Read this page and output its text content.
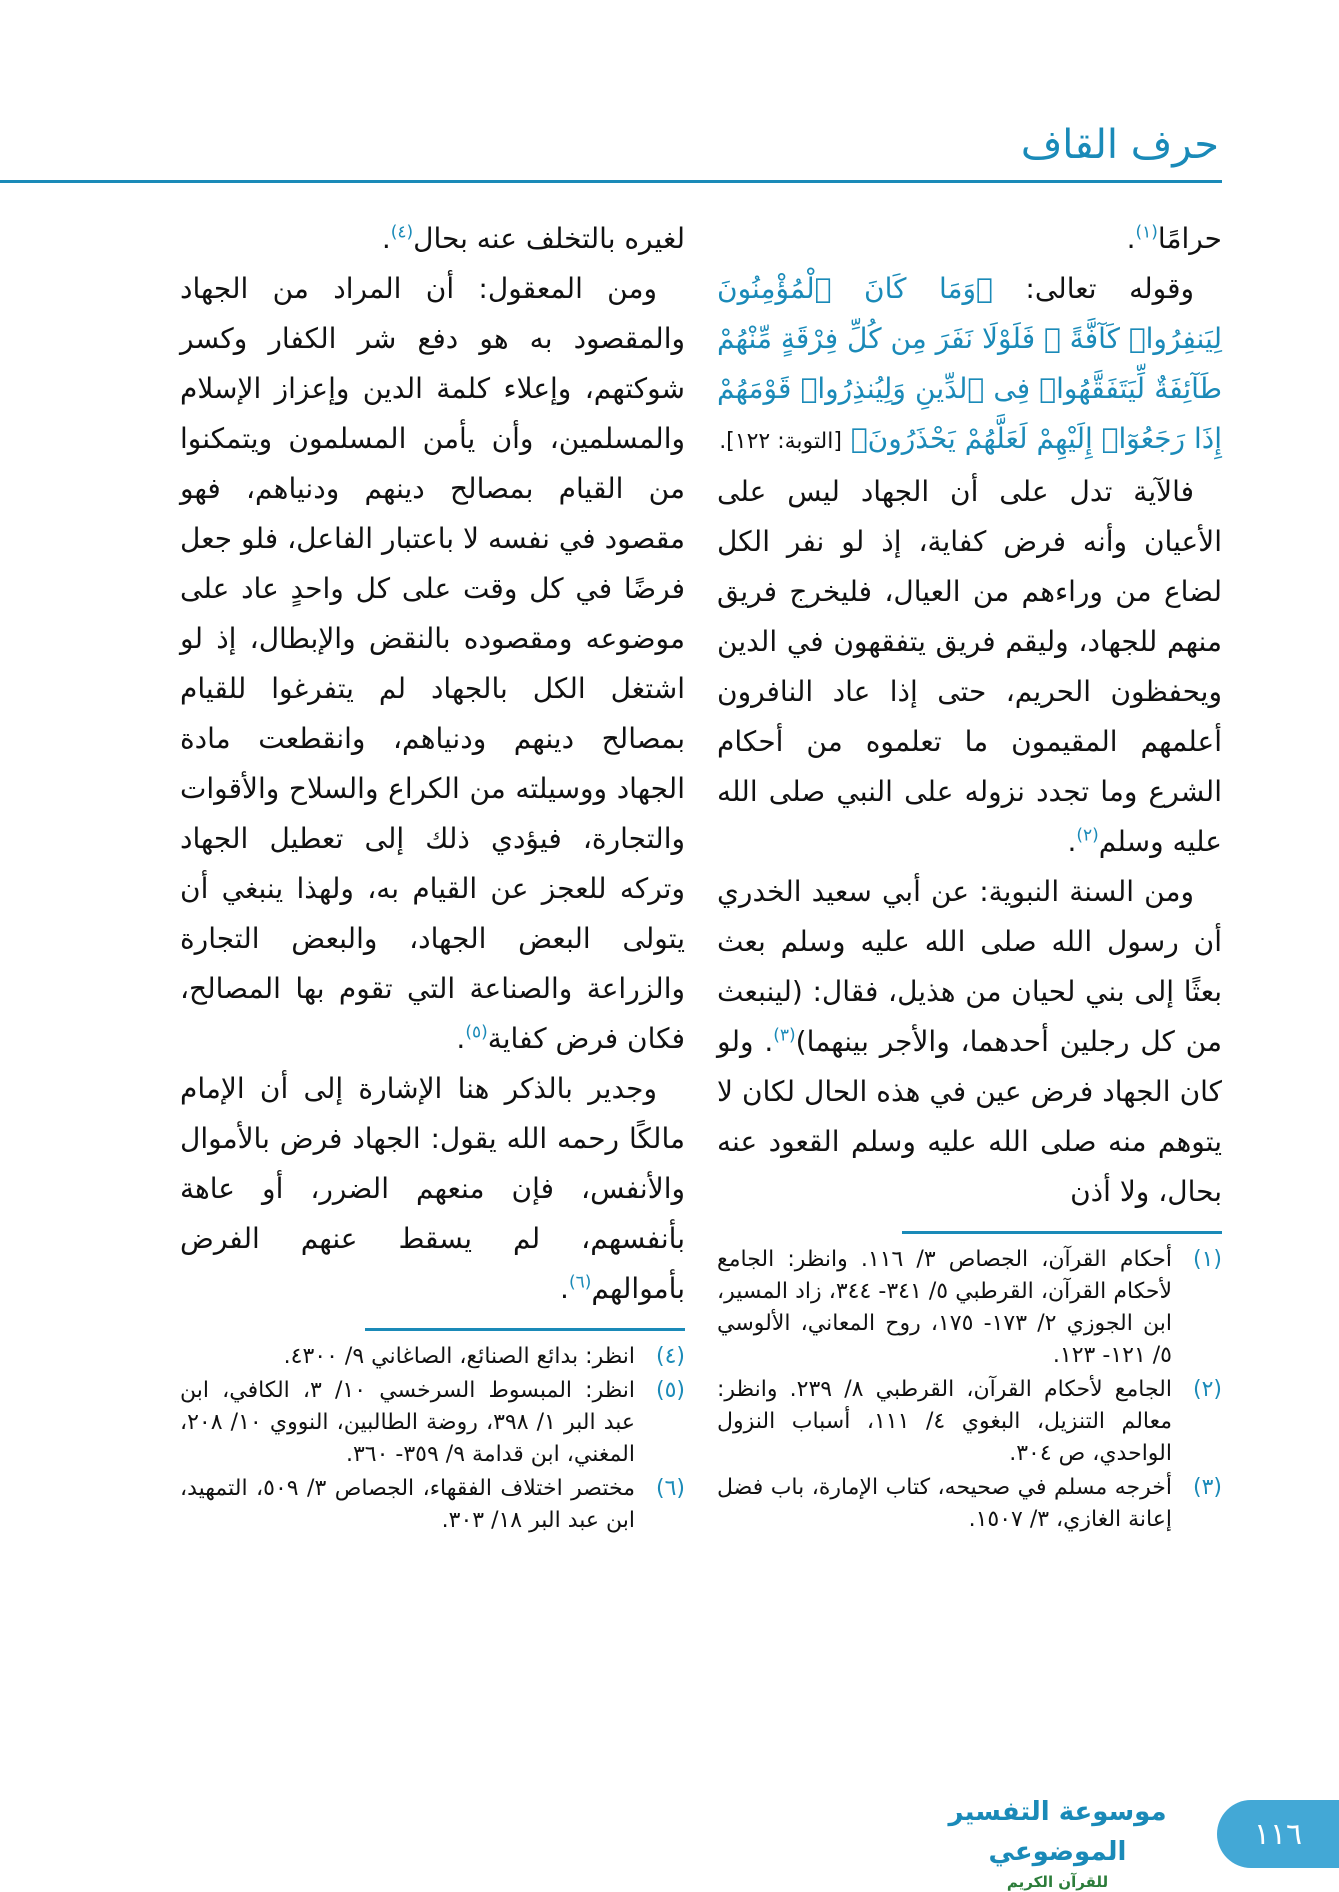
حرف القاف

حرامًا$^{(١)}$.

وقوله تعالى: ﴿وَمَا كَانَ ٱلْمُؤْمِنُونَ لِيَنفِرُوا۟ كَآفَّةً ۚ فَلَوْلَا نَفَرَ مِن كُلِّ فِرْقَةٍ مِّنْهُمْ طَآئِفَةٌ لِّيَتَفَقَّهُوا۟ فِى ٱلدِّينِ وَلِيُنذِرُوا۟ قَوْمَهُمْ إِذَا رَجَعُوٓا۟ إِلَيْهِمْ لَعَلَّهُمْ يَحْذَرُونَ﴾ [التوبة: ١٢٢].

فالآية تدل على أن الجهاد ليس على الأعيان وأنه فرض كفاية، إذ لو نفر الكل لضاع من وراءهم من العيال، فليخرج فريق منهم للجهاد، وليقم فريق يتفقهون في الدين ويحفظون الحريم، حتى إذا عاد النافرون أعلمهم المقيمون ما تعلموه من أحكام الشرع وما تجدد نزوله على النبي صلى الله عليه وسلم$^{(٢)}$.

ومن السنة النبوية: عن أبي سعيد الخدري أن رسول الله صلى الله عليه وسلم بعث بعثًا إلى بني لحيان من هذيل، فقال: (لينبعث من كل رجلين أحدهما، والأجر بينهما)$^{(٣)}$. ولو كان الجهاد فرض عين في هذه الحال لكان لا يتوهم منه صلى الله عليه وسلم القعود عنه بحال، ولا أذن

(١)
أحكام القرآن، الجصاص ٣/ ١١٦. وانظر: الجامع لأحكام القرآن، القرطبي ٥/ ٣٤١- ٣٤٤، زاد المسير، ابن الجوزي ٢/ ١٧٣- ١٧٥، روح المعاني، الألوسي ٥/ ١٢١- ١٢٣.
(٢)
الجامع لأحكام القرآن، القرطبي ٨/ ٢٣٩. وانظر: معالم التنزيل، البغوي ٤/ ١١١، أسباب النزول الواحدي، ص ٣٠٤.
(٣)
أخرجه مسلم في صحيحه، كتاب الإمارة، باب فضل إعانة الغازي، ٣/ ١٥٠٧.

لغيره بالتخلف عنه بحال$^{(٤)}$.

ومن المعقول: أن المراد من الجهاد والمقصود به هو دفع شر الكفار وكسر شوكتهم، وإعلاء كلمة الدين وإعزاز الإسلام والمسلمين، وأن يأمن المسلمون ويتمكنوا من القيام بمصالح دينهم ودنياهم، فهو مقصود في نفسه لا باعتبار الفاعل، فلو جعل فرضًا في كل وقت على كل واحدٍ عاد على موضوعه ومقصوده بالنقض والإبطال، إذ لو اشتغل الكل بالجهاد لم يتفرغوا للقيام بمصالح دينهم ودنياهم، وانقطعت مادة الجهاد ووسيلته من الكراع والسلاح والأقوات والتجارة، فيؤدي ذلك إلى تعطيل الجهاد وتركه للعجز عن القيام به، ولهذا ينبغي أن يتولى البعض الجهاد، والبعض التجارة والزراعة والصناعة التي تقوم بها المصالح، فكان فرض كفاية$^{(٥)}$.

وجدير بالذكر هنا الإشارة إلى أن الإمام مالكًا رحمه الله يقول: الجهاد فرض بالأموال والأنفس، فإن منعهم الضرر، أو عاهة بأنفسهم، لم يسقط عنهم الفرض بأموالهم$^{(٦)}$.

(٤)
انظر: بدائع الصنائع، الصاغاني ٩/ ٤٣٠٠.
(٥)
انظر: المبسوط السرخسي ١٠/ ٣، الكافي، ابن عبد البر ١/ ٣٩٨، روضة الطالبين، النووي ١٠/ ٢٠٨، المغني، ابن قدامة ٩/ ٣٥٩- ٣٦٠.
(٦)
مختصر اختلاف الفقهاء، الجصاص ٣/ ٥٠٩، التمهيد، ابن عبد البر ١٨/ ٣٠٣.
موسوعة التفسير الموضوعي
للقرآن الكريم
١١٦
